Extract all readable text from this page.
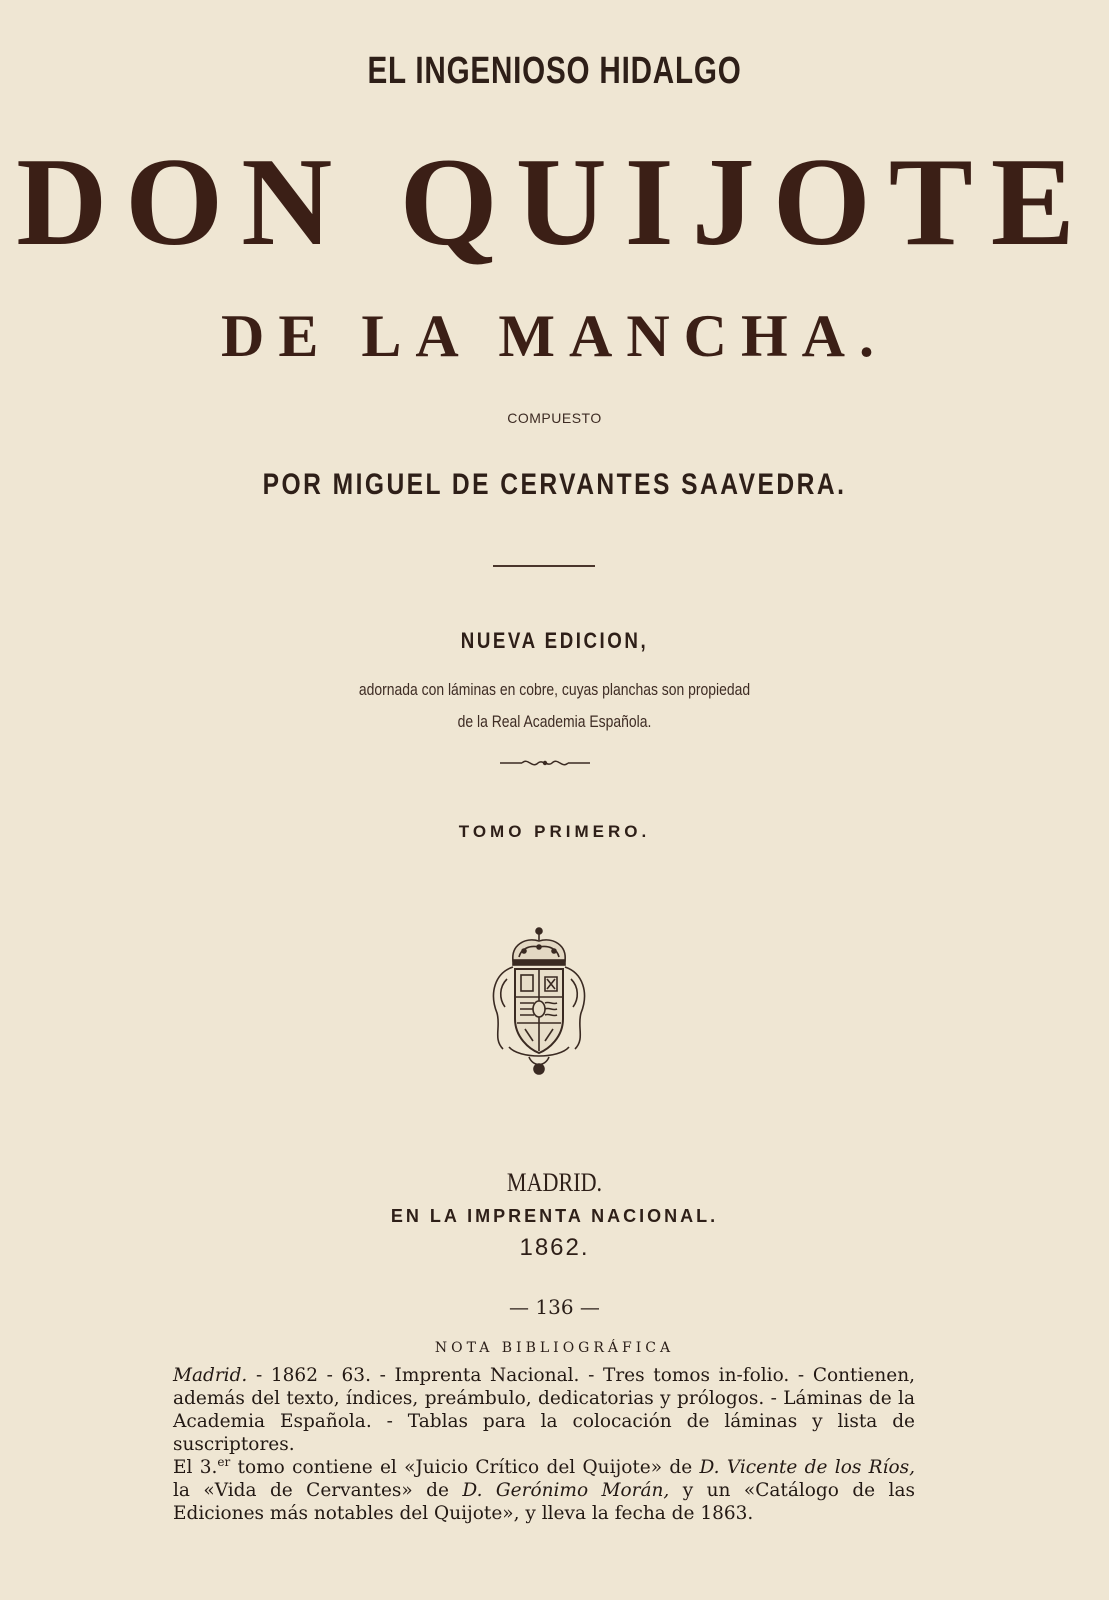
EL INGENIOSO HIDALGO
DON QUIJOTE
DE LA MANCHA.
COMPUESTO
POR MIGUEL DE CERVANTES SAAVEDRA.
NUEVA EDICION,
adornada con láminas en cobre, cuyas planchas son propiedad
de la Real Academia Española.
TOMO PRIMERO.
MADRID.
EN LA IMPRENTA NACIONAL.
1862.
— 136 —
NOTA BIBLIOGRÁFICA

Madrid. - 1862 - 63. - Imprenta Nacional. - Tres tomos in-folio. - Contienen, además del texto, índices, preámbulo, dedicatorias y prólogos. - Láminas de la Academia Española. - Tablas para la colocación de láminas y lista de suscriptores.

El 3.$^{er}$ tomo contiene el «Juicio Crítico del Quijote» de D. Vicente de los Ríos, la «Vida de Cervantes» de D. Gerónimo Morán, y un «Catálogo de las Ediciones más notables del Quijote», y lleva la fecha de 1863.
